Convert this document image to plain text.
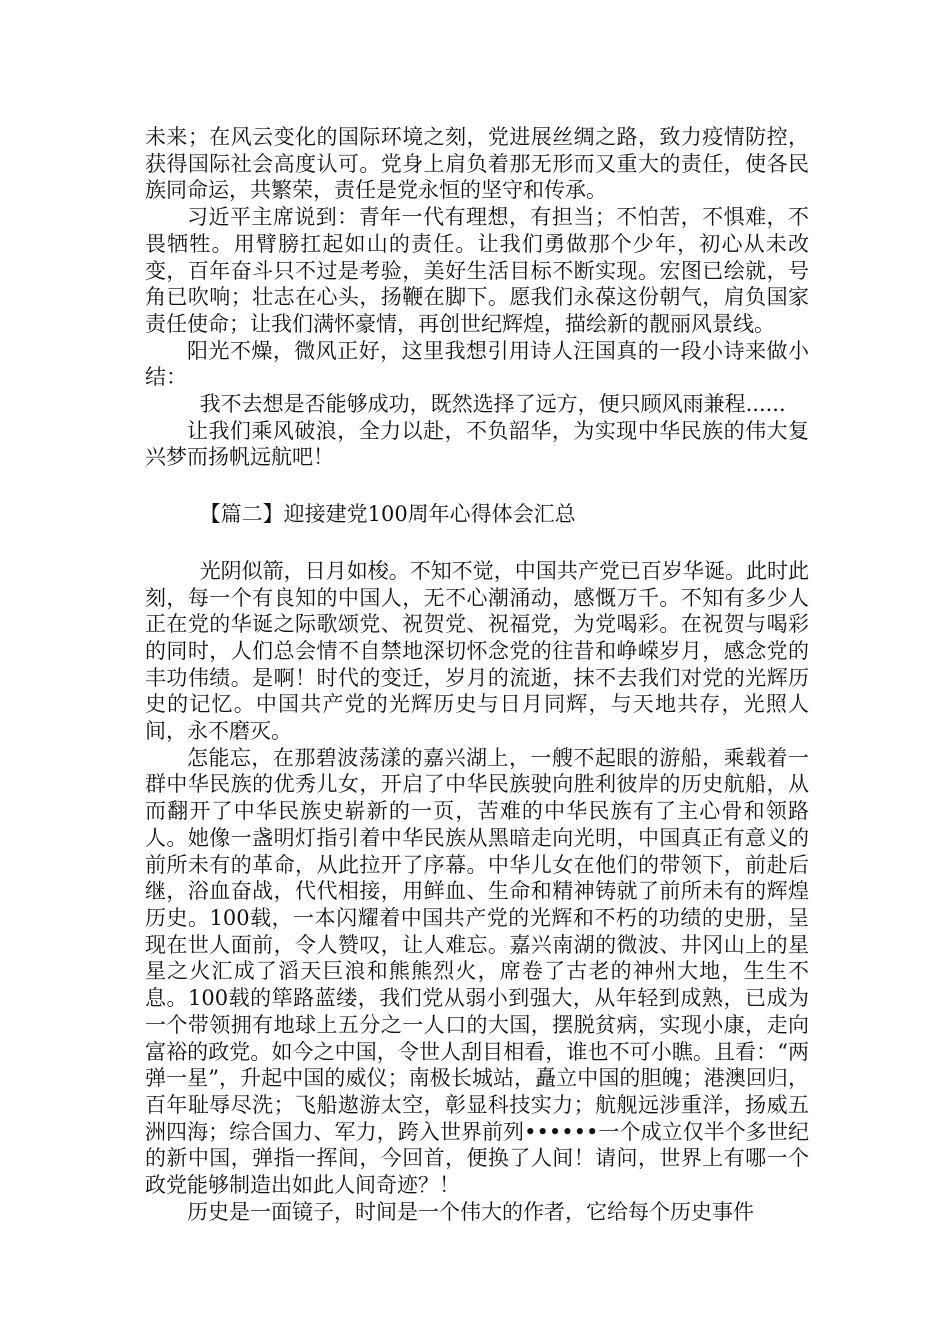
未来；在风云变化的国际环境之刻，党进展丝绸之路，致力疫情防控，获得国际社会高度认可。党身上肩负着那无形而又重大的责任，使各民族同命运，共繁荣，责任是党永恒的坚守和传承。

习近平主席说到：青年一代有理想，有担当；不怕苦，不惧难，不畏牺牲。用臂膀扛起如山的责任。让我们勇做那个少年，初心从未改变，百年奋斗只不过是考验，美好生活目标不断实现。宏图已绘就，号角已吹响；壮志在心头，扬鞭在脚下。愿我们永葆这份朝气，肩负国家责任使命；让我们满怀豪情，再创世纪辉煌，描绘新的靓丽风景线。

阳光不燥，微风正好，这里我想引用诗人汪国真的一段小诗来做小结：

我不去想是否能够成功，既然选择了远方，便只顾风雨兼程......

让我们乘风破浪，全力以赴，不负韶华，为实现中华民族的伟大复兴梦而扬帆远航吧！

【篇二】迎接建党100周年心得体会汇总

光阴似箭，日月如梭。不知不觉，中国共产党已百岁华诞。此时此刻，每一个有良知的中国人，无不心潮涌动，感慨万千。不知有多少人正在党的华诞之际歌颂党、祝贺党、祝福党，为党喝彩。在祝贺与喝彩的同时，人们总会情不自禁地深切怀念党的往昔和峥嵘岁月，感念党的丰功伟绩。是啊！时代的变迁，岁月的流逝，抹不去我们对党的光辉历史的记忆。中国共产党的光辉历史与日月同辉，与天地共存，光照人间，永不磨灭。

怎能忘，在那碧波荡漾的嘉兴湖上，一艘不起眼的游船，乘载着一群中华民族的优秀儿女，开启了中华民族驶向胜利彼岸的历史航船，从而翻开了中华民族史崭新的一页，苦难的中华民族有了主心骨和领路人。她像一盏明灯指引着中华民族从黑暗走向光明，中国真正有意义的前所未有的革命，从此拉开了序幕。中华儿女在他们的带领下，前赴后继，浴血奋战，代代相接，用鲜血、生命和精神铸就了前所未有的辉煌历史。100载，一本闪耀着中国共产党的光辉和不朽的功绩的史册，呈现在世人面前，令人赞叹，让人难忘。嘉兴南湖的微波、井冈山上的星星之火汇成了滔天巨浪和熊熊烈火，席卷了古老的神州大地，生生不息。100载的筚路蓝缕，我们党从弱小到强大，从年轻到成熟，已成为一个带领拥有地球上五分之一人口的大国，摆脱贫病，实现小康，走向富裕的政党。如今之中国，令世人刮目相看，谁也不可小瞧。且看：“两弹一星”，升起中国的威仪；南极长城站，矗立中国的胆魄；港澳回归，百年耻辱尽洗；飞船遨游太空，彰显科技实力；航舰远涉重洋，扬威五洲四海；综合国力、军力，跨入世界前列••••••一个成立仅半个多世纪的新中国，弹指一挥间，今回首，便换了人间！请问，世界上有哪一个政党能够制造出如此人间奇迹？！

历史是一面镜子，时间是一个伟大的作者，它给每个历史事件
